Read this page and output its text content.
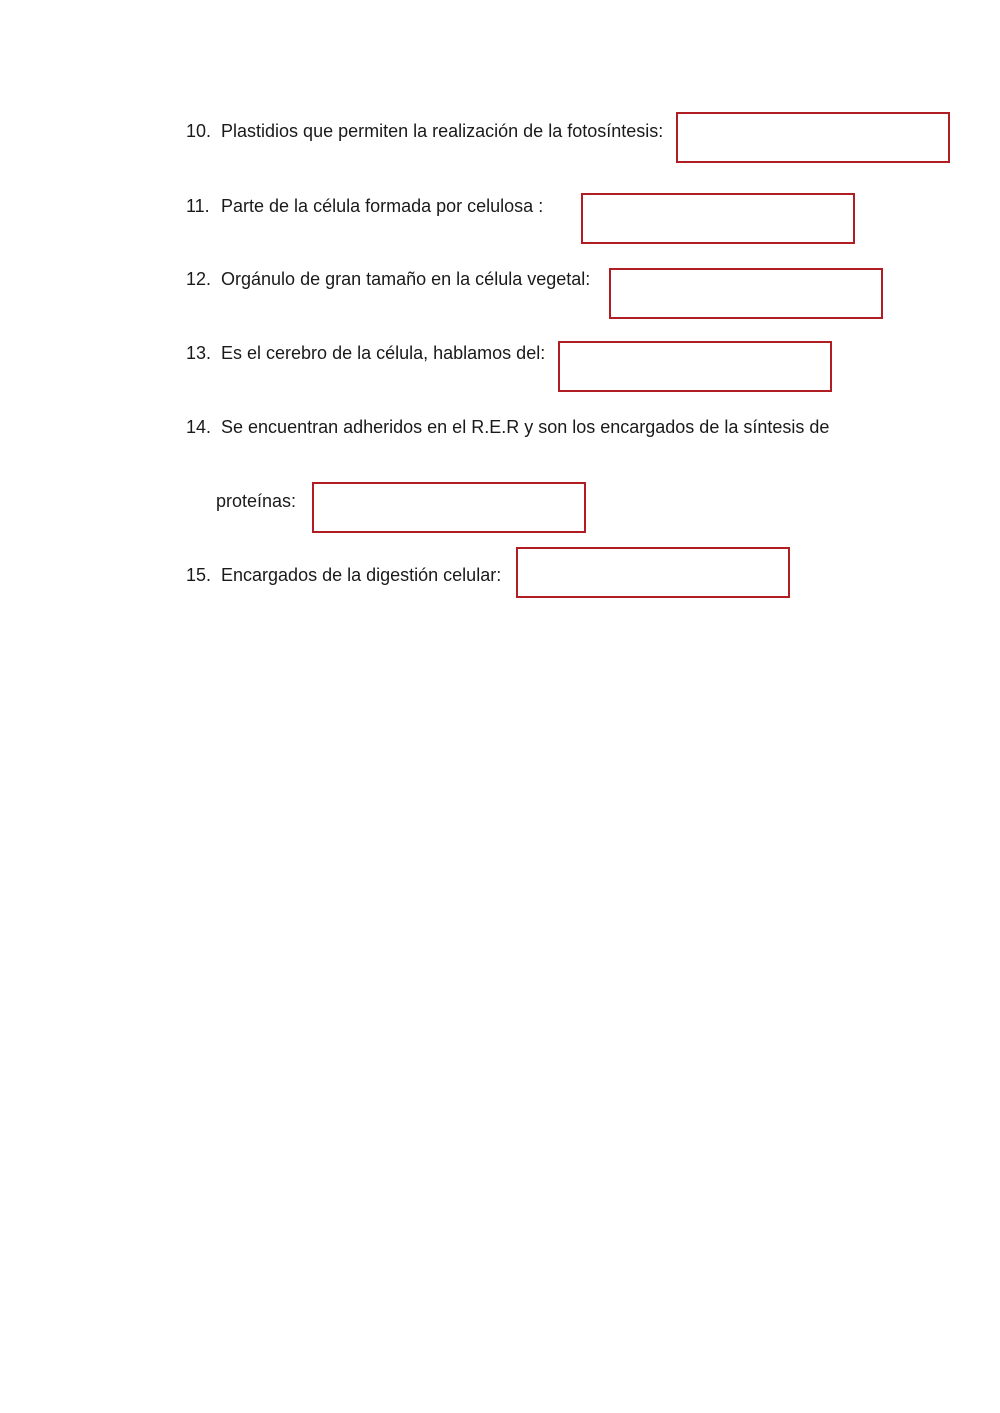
10. Plastidios que permiten la realización de la fotosíntesis:
11. Parte de la célula formada por celulosa :
12. Orgánulo de gran tamaño en la célula vegetal:
13. Es el cerebro de la célula, hablamos del:
14. Se encuentran adheridos en el R.E.R y son los encargados de la síntesis de
proteínas:
15. Encargados de la digestión celular:
